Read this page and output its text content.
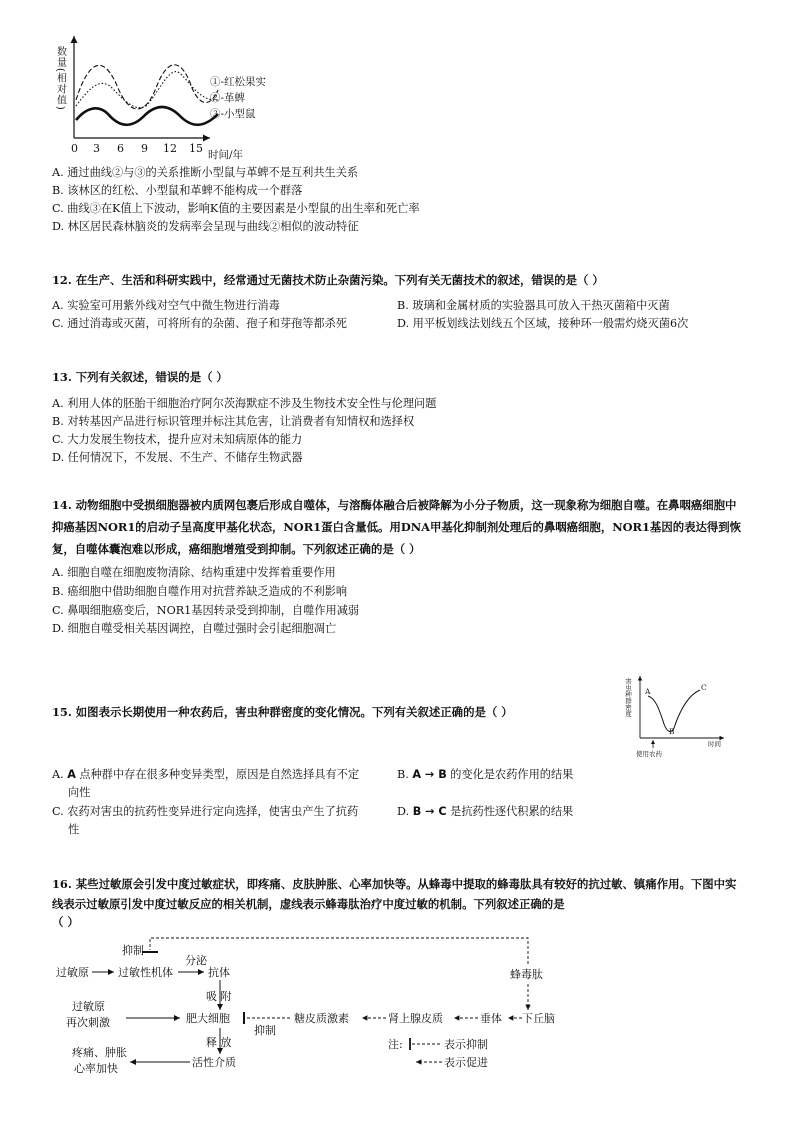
数量(相对值)	①-红松果实
②-革蜱
③-小型鼠
0 3 6 9 12 15 时间/年
A. 通过曲线②与③的关系推断小型鼠与革蜱不是互利共生关系
B. 该林区的红松、小型鼠和革蜱不能构成一个群落
C. 曲线③在K值上下波动，影响K值的主要因素是小型鼠的出生率和死亡率
D. 林区居民森林脑炎的发病率会呈现与曲线②相似的波动特征
12. 在生产、生活和科研实践中，经常通过无菌技术防止杂菌污染。下列有关无菌技术的叙述，错误的是（ ）
A. 实验室可用紫外线对空气中微生物进行消毒	B. 玻璃和金属材质的实验器具可放入干热灭菌箱中灭菌
C. 通过消毒或灭菌，可将所有的杂菌、孢子和芽孢等都杀死	D. 用平板划线法划线五个区域，接种环一般需灼烧灭菌6次
13. 下列有关叙述，错误的是（ ）
A. 利用人体的胚胎干细胞治疗阿尔茨海默症不涉及生物技术安全性与伦理问题
B. 对转基因产品进行标识管理并标注其危害，让消费者有知情权和选择权
C. 大力发展生物技术，提升应对未知病原体的能力
D. 任何情况下，不发展、不生产、不储存生物武器
14. 动物细胞中受损细胞器被内质网包裹后形成自噬体，与溶酶体融合后被降解为小分子物质，这一现象称为细胞自噬。在鼻咽癌细胞中抑癌基因NOR1的启动子呈高度甲基化状态，NOR1蛋白含量低。用DNA甲基化抑制剂处理后的鼻咽癌细胞，NOR1基因的表达得到恢复，自噬体囊泡难以形成，癌细胞增殖受到抑制。下列叙述正确的是（ ）
A. 细胞自噬在细胞废物清除、结构重建中发挥着重要作用
B. 癌细胞中借助细胞自噬作用对抗营养缺乏造成的不利影响
C. 鼻咽细胞癌变后，NOR1基因转录受到抑制，自噬作用减弱
D. 细胞自噬受相关基因调控，自噬过强时会引起细胞凋亡
害虫种群密度
时间
A
B
C
使用农药
15. 如图表示长期使用一种农药后，害虫种群密度的变化情况。下列有关叙述正确的是（ ）
A. A 点种群中存在很多种变异类型，原因是自然选择具有不定
向性
B. A → B 的变化是农药作用的结果
C. 农药对害虫的抗药性变异进行定向选择，使害虫产生了抗药
性
D. B → C 是抗药性逐代积累的结果
16. 某些过敏原会引发中度过敏症状，即疼痛、皮肤肿胀、心率加快等。从蜂毒中提取的蜂毒肽具有较好的抗过敏、镇痛作用。下图中实线表示过敏原引发中度过敏反应的相关机制，虚线表示蜂毒肽治疗中度过敏的机制。下列叙述正确的是
（ ）
抑制
过敏原	过敏性机体
分泌
抗体	蜂毒肽
吸 附
过敏原
再次刺激	肥大细胞
抑制
糖皮质激素	肾上腺皮质	垂体 下丘脑
释 放
疼痛、肿胀
心率加快	活性介质
注:	表示抑制
表示促进
